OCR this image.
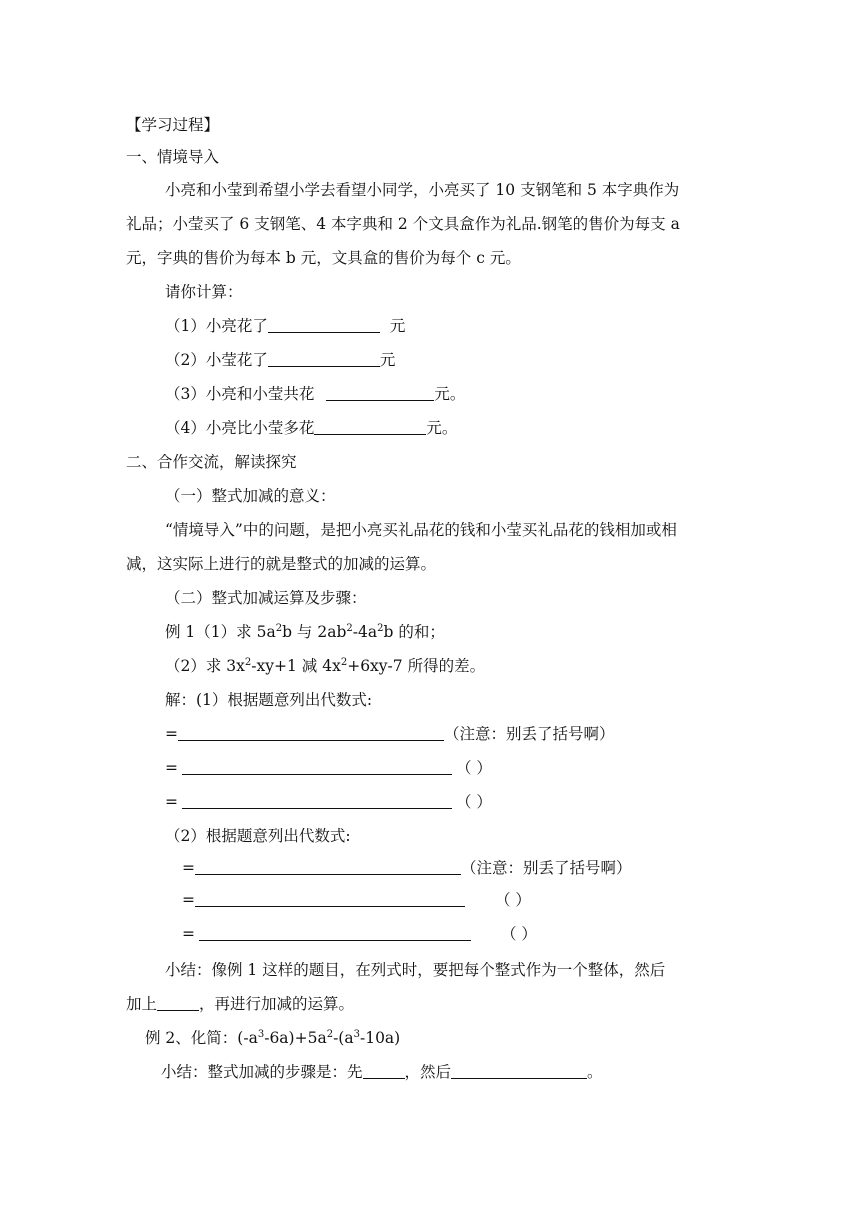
【学习过程】
一、情境导入
小亮和小莹到希望小学去看望小同学，小亮买了 10 支钢笔和 5 本字典作为
礼品；小莹买了 6 支钢笔、4 本字典和 2 个文具盒作为礼品.钢笔的售价为每支 a
元，字典的售价为每本 b 元，文具盒的售价为每个 c 元。
请你计算：
（1）小亮花了	元
（2）小莹花了	元
（3）小亮和小莹共花	元。
（4）小亮比小莹多花	元。
二、合作交流，解读探究
（一）整式加减的意义：
“情境导入”中的问题，是把小亮买礼品花的钱和小莹买礼品花的钱相加或相
减，这实际上进行的就是整式的加减的运算。
（二）整式加减运算及步骤：
例 1（1）求 $5a^2b$ 与 $2ab^2-4a^2b$ 的和；
（2）求 $3x^2-xy+1$ 减 $4x^2+6xy-7$ 所得的差。
解：(1）根据题意列出代数式:
=	（注意：别丢了括号啊）
=	（ ）
=	（ ）
（2）根据题意列出代数式:
=	（注意：别丢了括号啊）
=	（ ）
=	（ ）
小结：像例 1 这样的题目，在列式时，要把每个整式作为一个整体，然后
加上	，再进行加减的运算。
例 2、化简：$(-a^3-6a)+5a^2-(a^3-10a)$
小结：整式加减的步骤是：先	，然后	。
